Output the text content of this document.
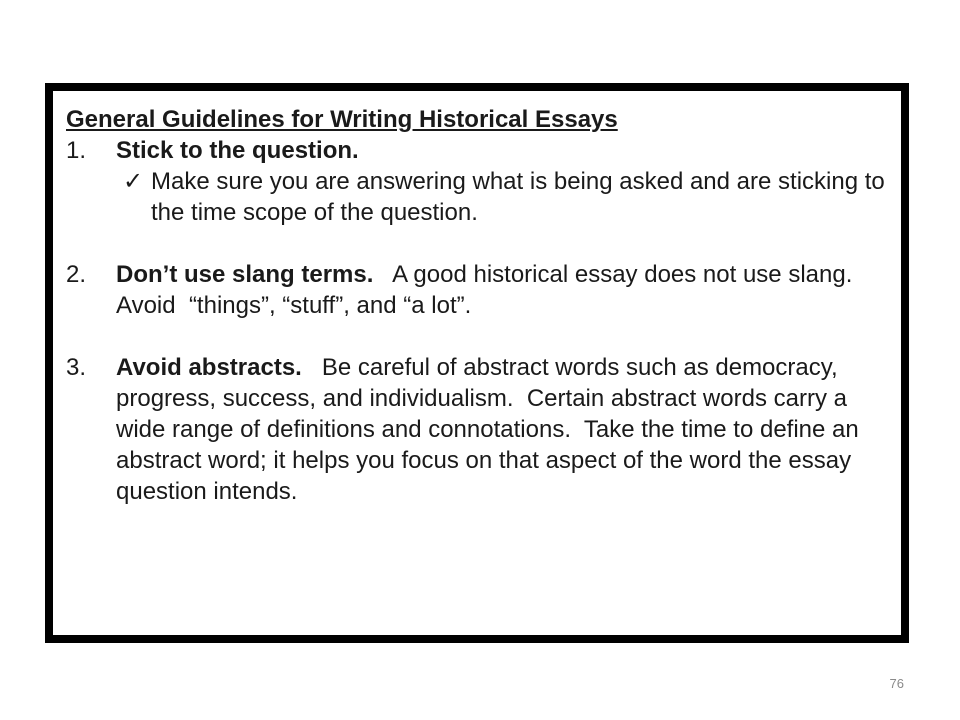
General Guidelines for Writing Historical Essays
1. Stick to the question.
✓ Make sure you are answering what is being asked and are sticking to the time scope of the question.
2. Don’t use slang terms.   A good historical essay does not use slang.  Avoid  “things”, “stuff”, and “a lot”.
3. Avoid abstracts.   Be careful of abstract words such as democracy, progress, success, and individualism.  Certain abstract words carry a wide range of definitions and connotations.  Take the time to define an abstract word; it helps you focus on that aspect of the word the essay question intends.
76
